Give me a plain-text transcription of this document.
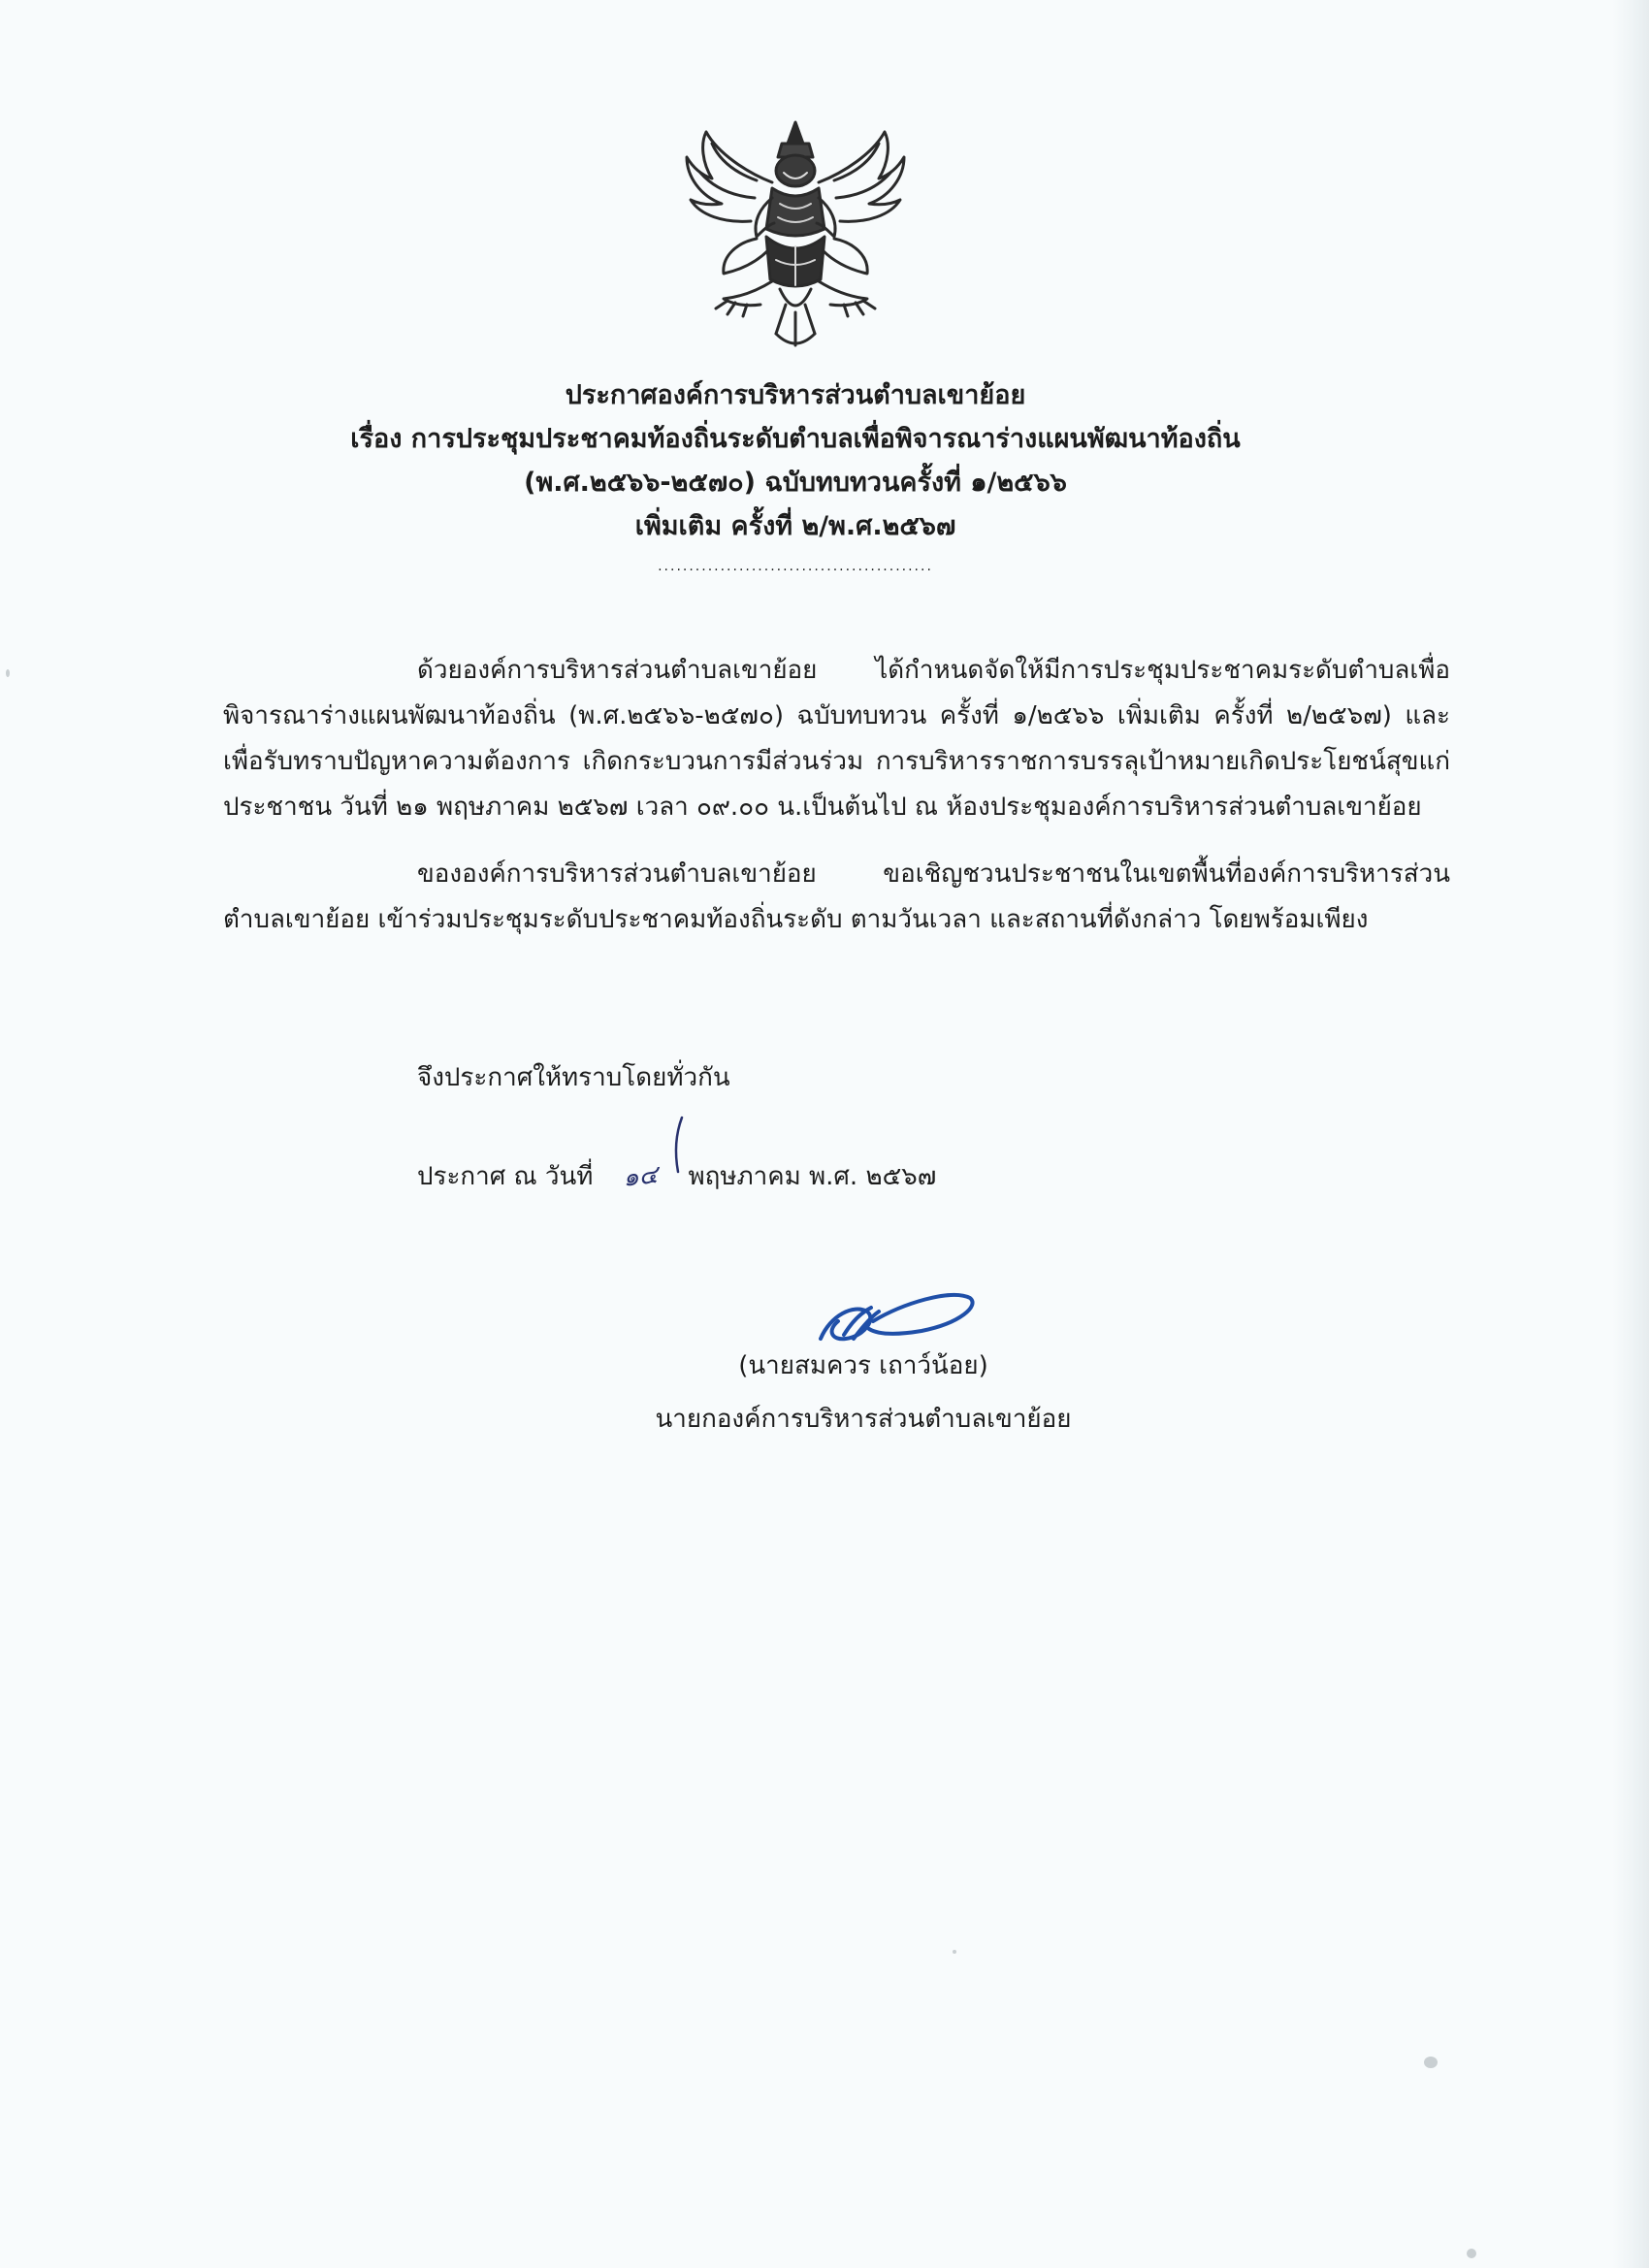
ประกาศองค์การบริหารส่วนตำบลเขาย้อย
เรื่อง การประชุมประชาคมท้องถิ่นระดับตำบลเพื่อพิจารณาร่างแผนพัฒนาท้องถิ่น
(พ.ศ.๒๕๖๖-๒๕๗๐) ฉบับทบทวนครั้งที่ ๑/๒๕๖๖
เพิ่มเติม ครั้งที่ ๒/พ.ศ.๒๕๖๗
............................................

ด้วยองค์การบริหารส่วนตำบลเขาย้อย ได้กำหนดจัดให้มีการประชุมประชาคมระดับตำบลเพื่อพิจารณาร่างแผนพัฒนาท้องถิ่น (พ.ศ.๒๕๖๖-๒๕๗๐) ฉบับทบทวน ครั้งที่ ๑/๒๕๖๖ เพิ่มเติม ครั้งที่ ๒/๒๕๖๗) และเพื่อรับทราบปัญหาความต้องการ เกิดกระบวนการมีส่วนร่วม การบริหารราชการบรรลุเป้าหมายเกิดประโยชน์สุขแก่ประชาชน วันที่ ๒๑ พฤษภาคม ๒๕๖๗ เวลา ๐๙.๐๐ น.เป็นต้นไป ณ ห้องประชุมองค์การบริหารส่วนตำบลเขาย้อย

ขององค์การบริหารส่วนตำบลเขาย้อย ขอเชิญชวนประชาชนในเขตพื้นที่องค์การบริหารส่วนตำบลเขาย้อย เข้าร่วมประชุมระดับประชาคมท้องถิ่นระดับ ตามวันเวลา และสถานที่ดังกล่าว โดยพร้อมเพียง

จึงประกาศให้ทราบโดยทั่วกัน
ประกาศ ณ วันที่ ๑๔ พฤษภาคม พ.ศ. ๒๕๖๗
(นายสมควร เถาว์น้อย)
นายกองค์การบริหารส่วนตำบลเขาย้อย
